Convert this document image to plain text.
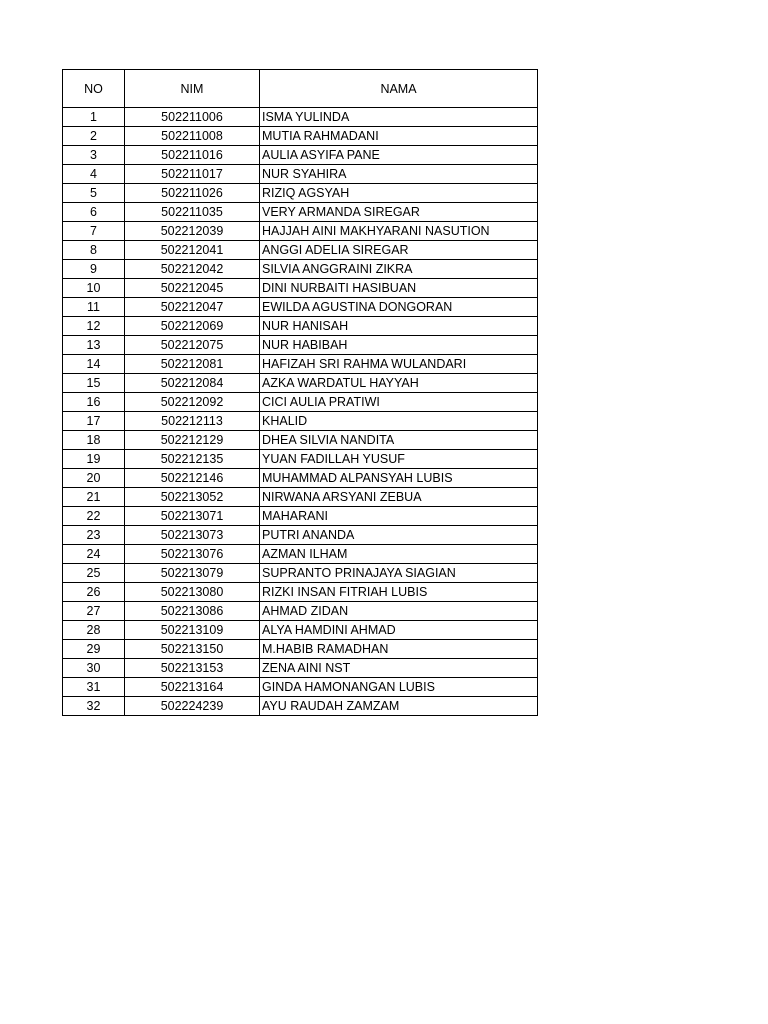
NO	NIM	NAMA
1	502211006	ISMA YULINDA
2	502211008	MUTIA RAHMADANI
3	502211016	AULIA ASYIFA PANE
4	502211017	NUR SYAHIRA
5	502211026	RIZIQ AGSYAH
6	502211035	VERY ARMANDA SIREGAR
7	502212039	HAJJAH AINI MAKHYARANI NASUTION
8	502212041	ANGGI ADELIA SIREGAR
9	502212042	SILVIA ANGGRAINI ZIKRA
10	502212045	DINI NURBAITI HASIBUAN
11	502212047	EWILDA AGUSTINA DONGORAN
12	502212069	NUR HANISAH
13	502212075	NUR HABIBAH
14	502212081	HAFIZAH SRI RAHMA WULANDARI
15	502212084	AZKA WARDATUL HAYYAH
16	502212092	CICI AULIA PRATIWI
17	502212113	KHALID
18	502212129	DHEA SILVIA NANDITA
19	502212135	YUAN FADILLAH YUSUF
20	502212146	MUHAMMAD ALPANSYAH LUBIS
21	502213052	NIRWANA ARSYANI ZEBUA
22	502213071	MAHARANI
23	502213073	PUTRI ANANDA
24	502213076	AZMAN ILHAM
25	502213079	SUPRANTO PRINAJAYA SIAGIAN
26	502213080	RIZKI INSAN FITRIAH LUBIS
27	502213086	AHMAD ZIDAN
28	502213109	ALYA HAMDINI AHMAD
29	502213150	M.HABIB RAMADHAN
30	502213153	ZENA AINI NST
31	502213164	GINDA HAMONANGAN LUBIS
32	502224239	AYU RAUDAH ZAMZAM
